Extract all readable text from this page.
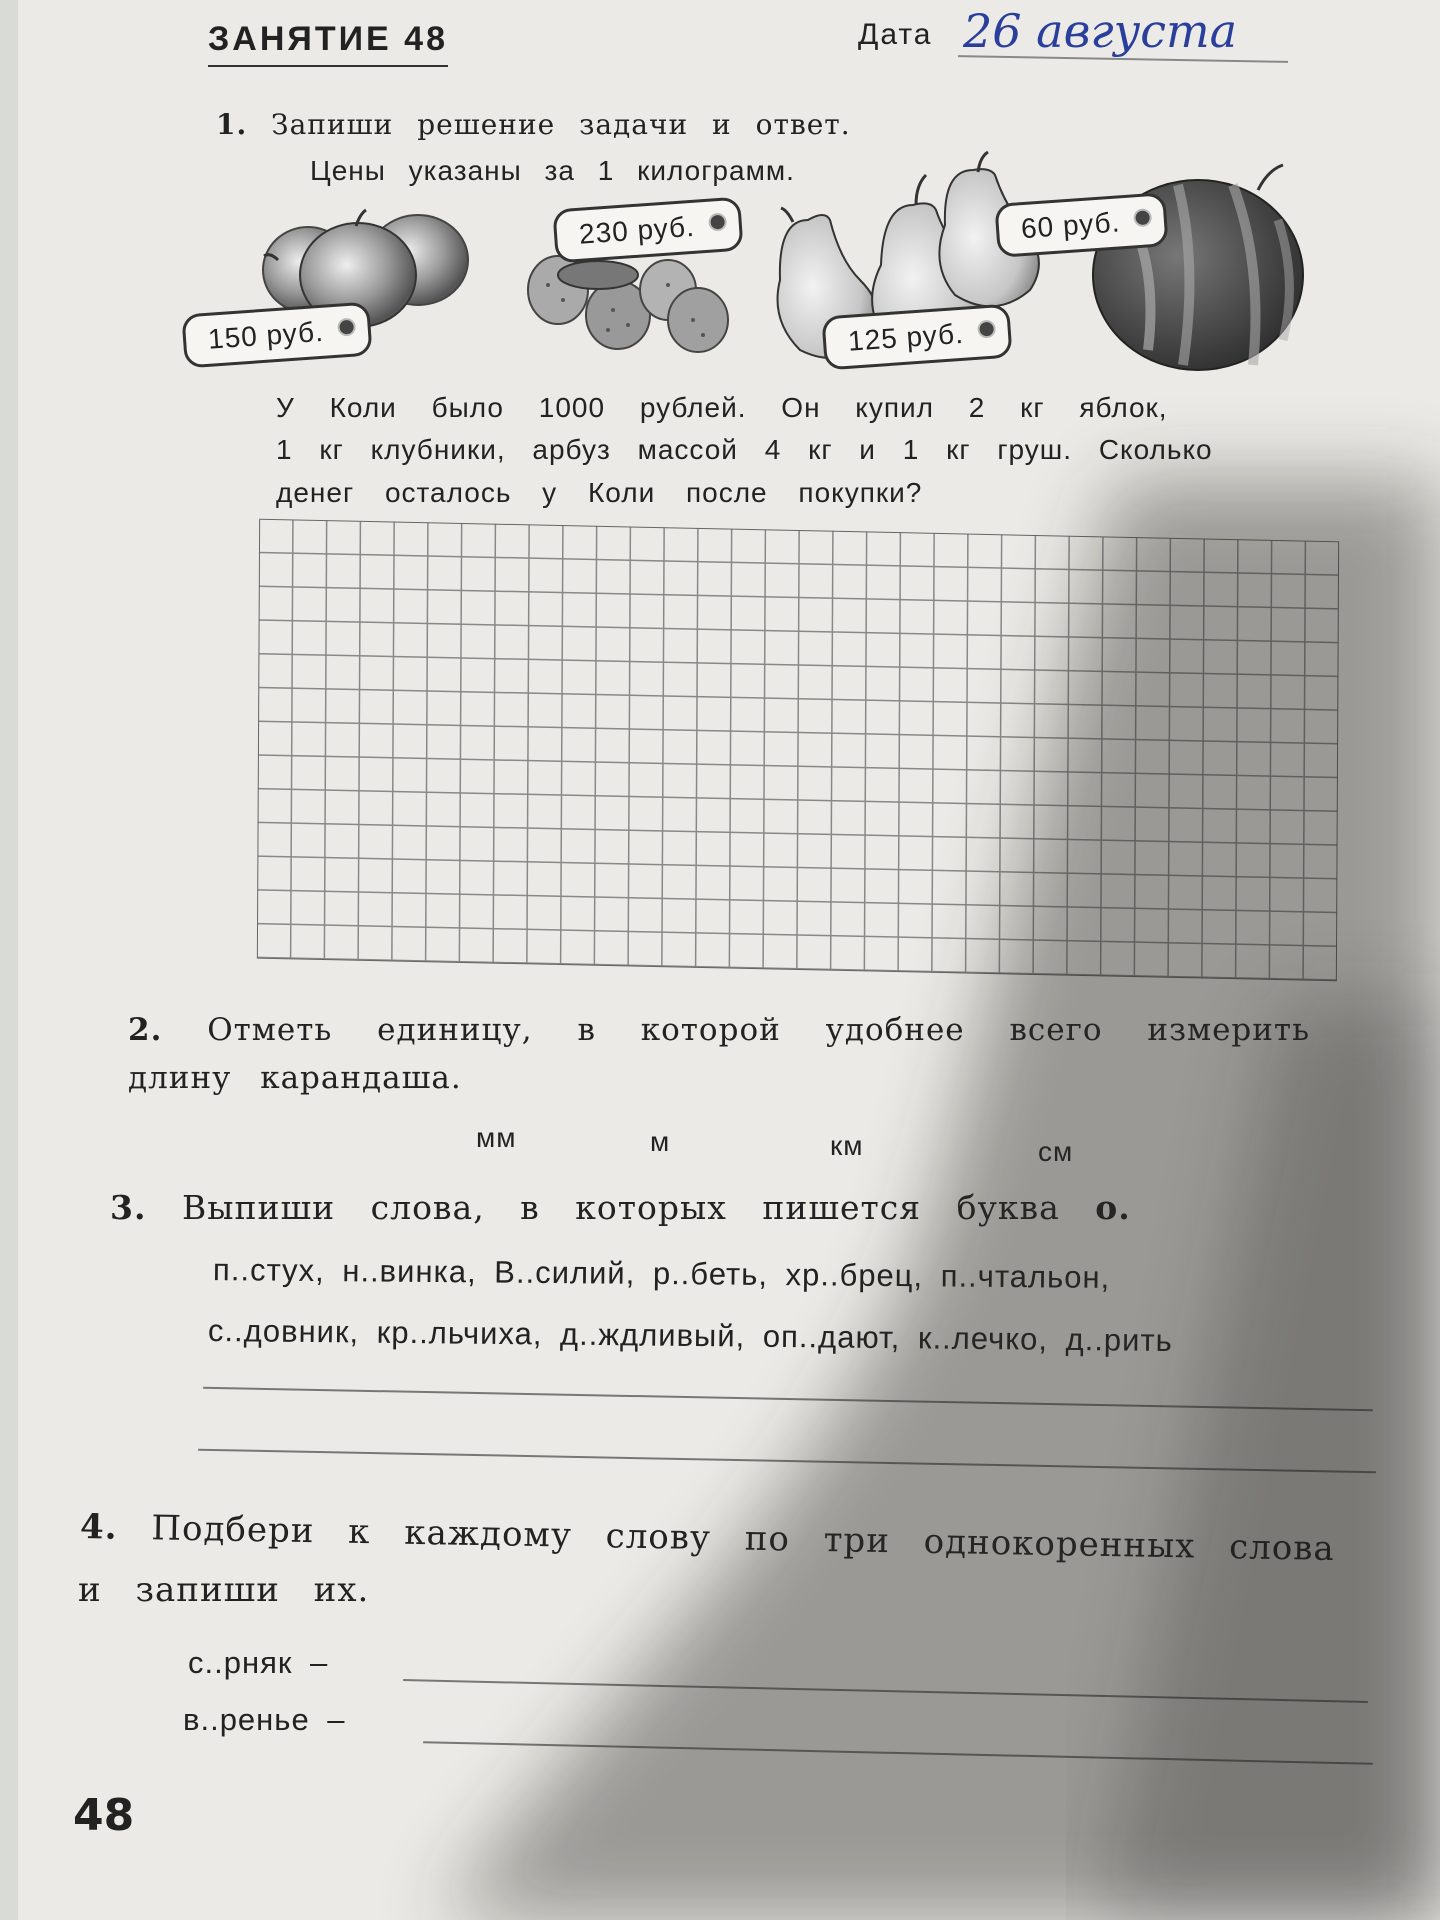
ЗАНЯТИЕ 48	Дата 26 августа
1. Запиши решение задачи и ответ.
Цены указаны за 1 килограмм.
150 руб.
230 руб.
125 руб.
60 руб.
У Коли было 1000 рублей. Он купил 2 кг яблок,
1 кг клубники, арбуз массой 4 кг и 1 кг груш. Сколько
денег осталось у Коли после покупки?
2. Отметь единицу, в которой удобнее всего измерить
длину карандаша.
мм	м	км	см
3. Выпиши слова, в которых пишется буква о.
п..стух, н..винка, В..силий, р..беть, хр..брец, п..чтальон,
с..довник, кр..льчиха, д..ждливый, оп..дают, к..лечко, д..рить
4. Подбери к каждому слову по три однокоренных слова
и запиши их.
с..рняк –
в..ренье –
48
